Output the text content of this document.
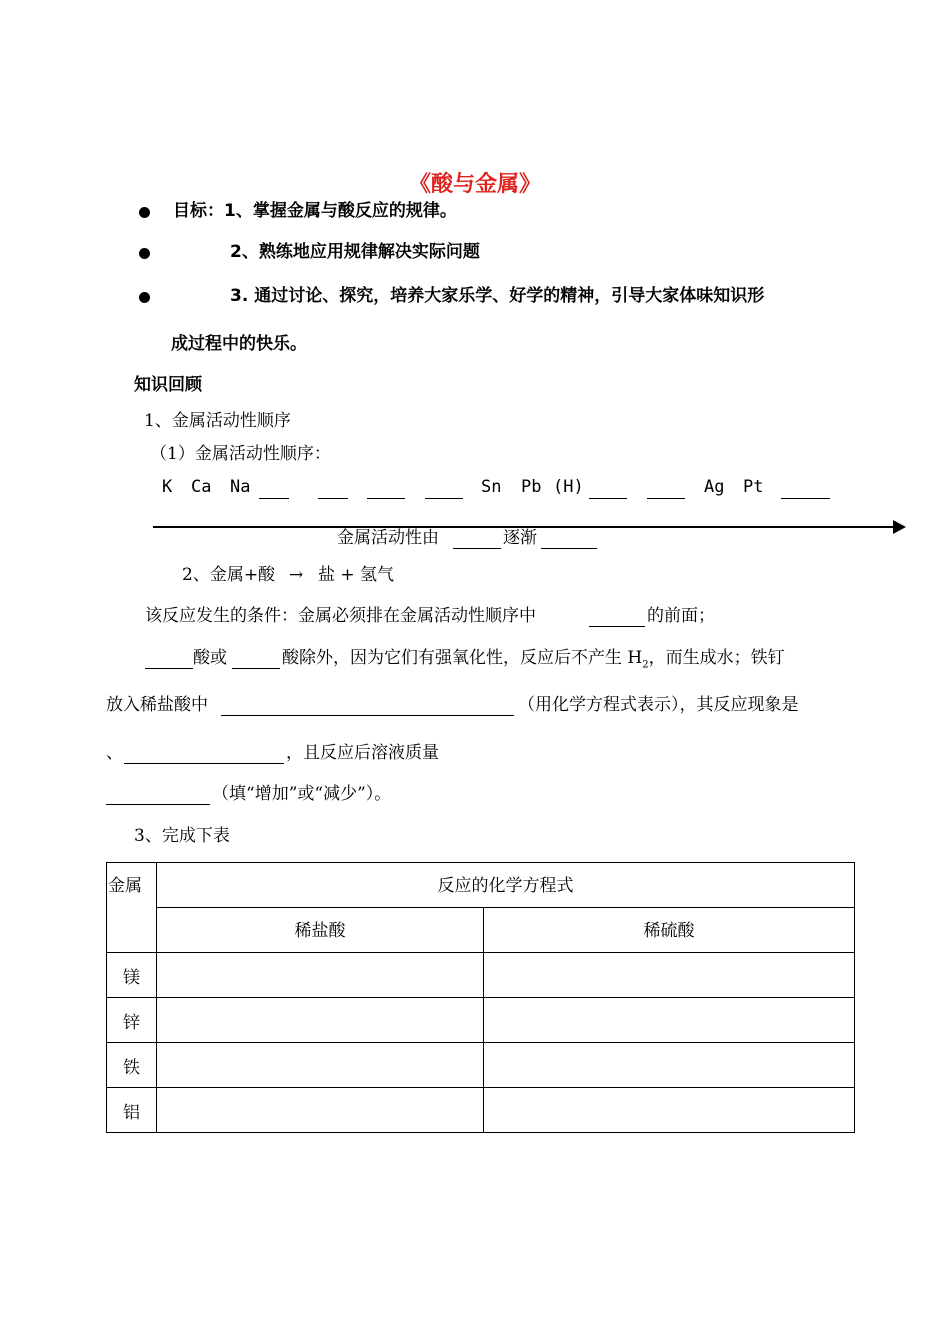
《酸与金属》
目标：1、掌握金属与酸反应的规律。
2、熟练地应用规律解决实际问题
3. 通过讨论、探究，培养大家乐学、好学的精神，引导大家体味知识形
成过程中的快乐。
知识回顾
1、金属活动性顺序
（1）金属活动性顺序：
K Ca Na	Sn Pb (H)	Ag Pt
金属活动性由	逐渐
2、金属+酸 → 盐 + 氢气
该反应发生的条件：金属必须排在金属活动性顺序中	的前面；
酸或	酸除外，因为它们有强氧化性，反应后不产生 $H_2$，而生成水；铁钉
放入稀盐酸中	（用化学方程式表示），其反应现象是
、	，且反应后溶液质量
（填“增加”或“减少”）。
3、完成下表
金属	反应的化学方程式	
	稀盐酸	稀硫酸
镁		
锌		
铁		
铝		
